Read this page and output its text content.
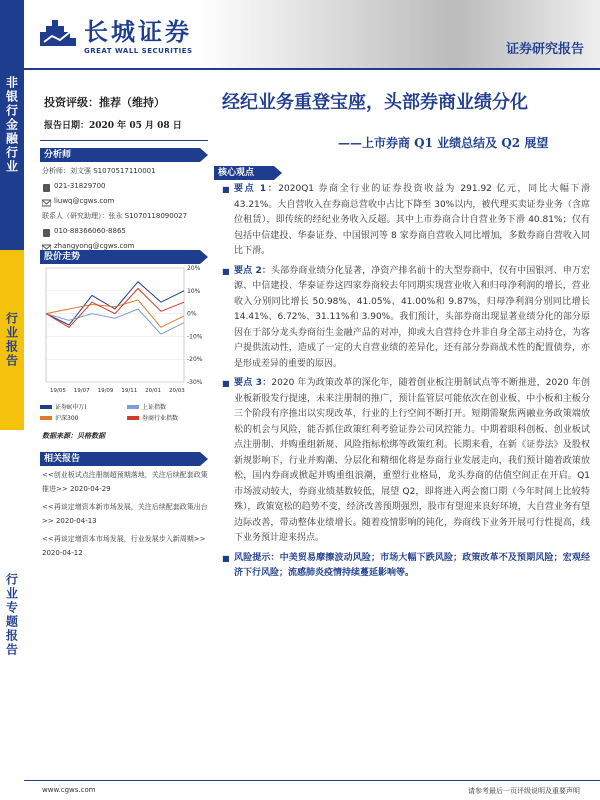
非银行金融行业
行业报告
行业专题报告
长城证券
GREAT WALL SECURITIES	证券研究报告
投资评级：推荐（维持）
报告日期：2020 年 05 月 08 日
经纪业务重登宝座，头部券商业绩分化
——上市券商 Q1 业绩总结及 Q2 展望
分析师
分析师：刘文强 S1070517110001
021-31829700
liuwq@cgws.com
联系人（研究助理）：张永 S1070118090027
010-88366060-8865
zhangyong@cgws.com
股价走势
20%
10%
0%
-10%
-20%
-30%
19/05 19/07 19/09 19/11 20/01 20/03
证券Ⅱ(申万)	上证指数
沪深300	券商行业指数
数据来源：贝格数据
相关报告
<<创业板试点注册制超预期落地，关注后续配套政策推进>> 2020-04-29
<<再谈定增资本新市场发展，关注后续配套政策出台>> 2020-04-13
<<再谈定增资本市场发展，行业发展步入新周期>> 2020-04-12
核心观点
■ 要点 1：2020Q1 券商全行业的证券投资收益为 291.92 亿元，同比大幅下滑 43.21%。大自营收入在券商总营收中占比下降至 30%以内，被代理买卖证券业务（含席位租赁），即传统的经纪业务收入反超。其中上市券商合计自营业务下滑 40.81%；仅有包括中信建投、华泰证券、中国银河等 8 家券商自营收入同比增加，多数券商自营收入同比下滑。
■ 要点 2：头部券商业绩分化显著，净资产排名前十的大型券商中，仅有中国银河、申万宏源、中信建投、华泰证券这四家券商较去年同期实现营业收入和归母净利润的增长，营业收入分别同比增长 50.98%、41.05%、41.00%和 9.87%，归母净利润分别同比增长 14.41%、6.72%、31.11%和 3.90%。我们预计，头部券商出现显著业绩分化的部分原因在于部分龙头券商衍生金融产品的对冲，抑或大自营持仓并非自身全部主动持仓，为客户提供流动性，造成了一定的大自营业绩的差异化，还有部分券商战术性的配置债券，亦是形成差异的重要的原因。
■ 要点 3：2020 年为政策改革的深化年，随着创业板注册制试点等不断推进，2020 年创业板新股发行提速，未来注册制的推广，预计监管层可能依次在创业板、中小板和主板分三个阶段有序推出以实现改革，行业的上行空间不断打开。短期需聚焦两融业务政策端放松的机会与风险，能否抓住政策红利考验证券公司风控能力。中期着眼科创板、创业板试点注册制、并购重组新规、风险指标松绑等政策红利。长期来看，在新《证券法》及股权新规影响下，行业并购潮、分层化和精细化将是券商行业发展走向，我们预计随着政策放松，国内券商或掀起并购重组浪潮，重塑行业格局，龙头券商的估值空间正在开启。Q1 市场波动较大，券商业绩基数较低，展望 Q2，即将进入两会窗口期（今年时间上比较特殊），政策宽松的趋势不变，经济改善预期强烈，股市有望迎来良好环境，大自营业务有望边际改善，带动整体业绩增长。随着疫情影响的钝化，券商线下业务开展可行性提高，线下业务预计迎来拐点。
■ 风险提示：中美贸易摩擦波动风险；市场大幅下跌风险；政策改革不及预期风险；宏观经济下行风险；流感肺炎疫情持续蔓延影响等。
www.cgws.com	请参考最后一页评级说明及重要声明
